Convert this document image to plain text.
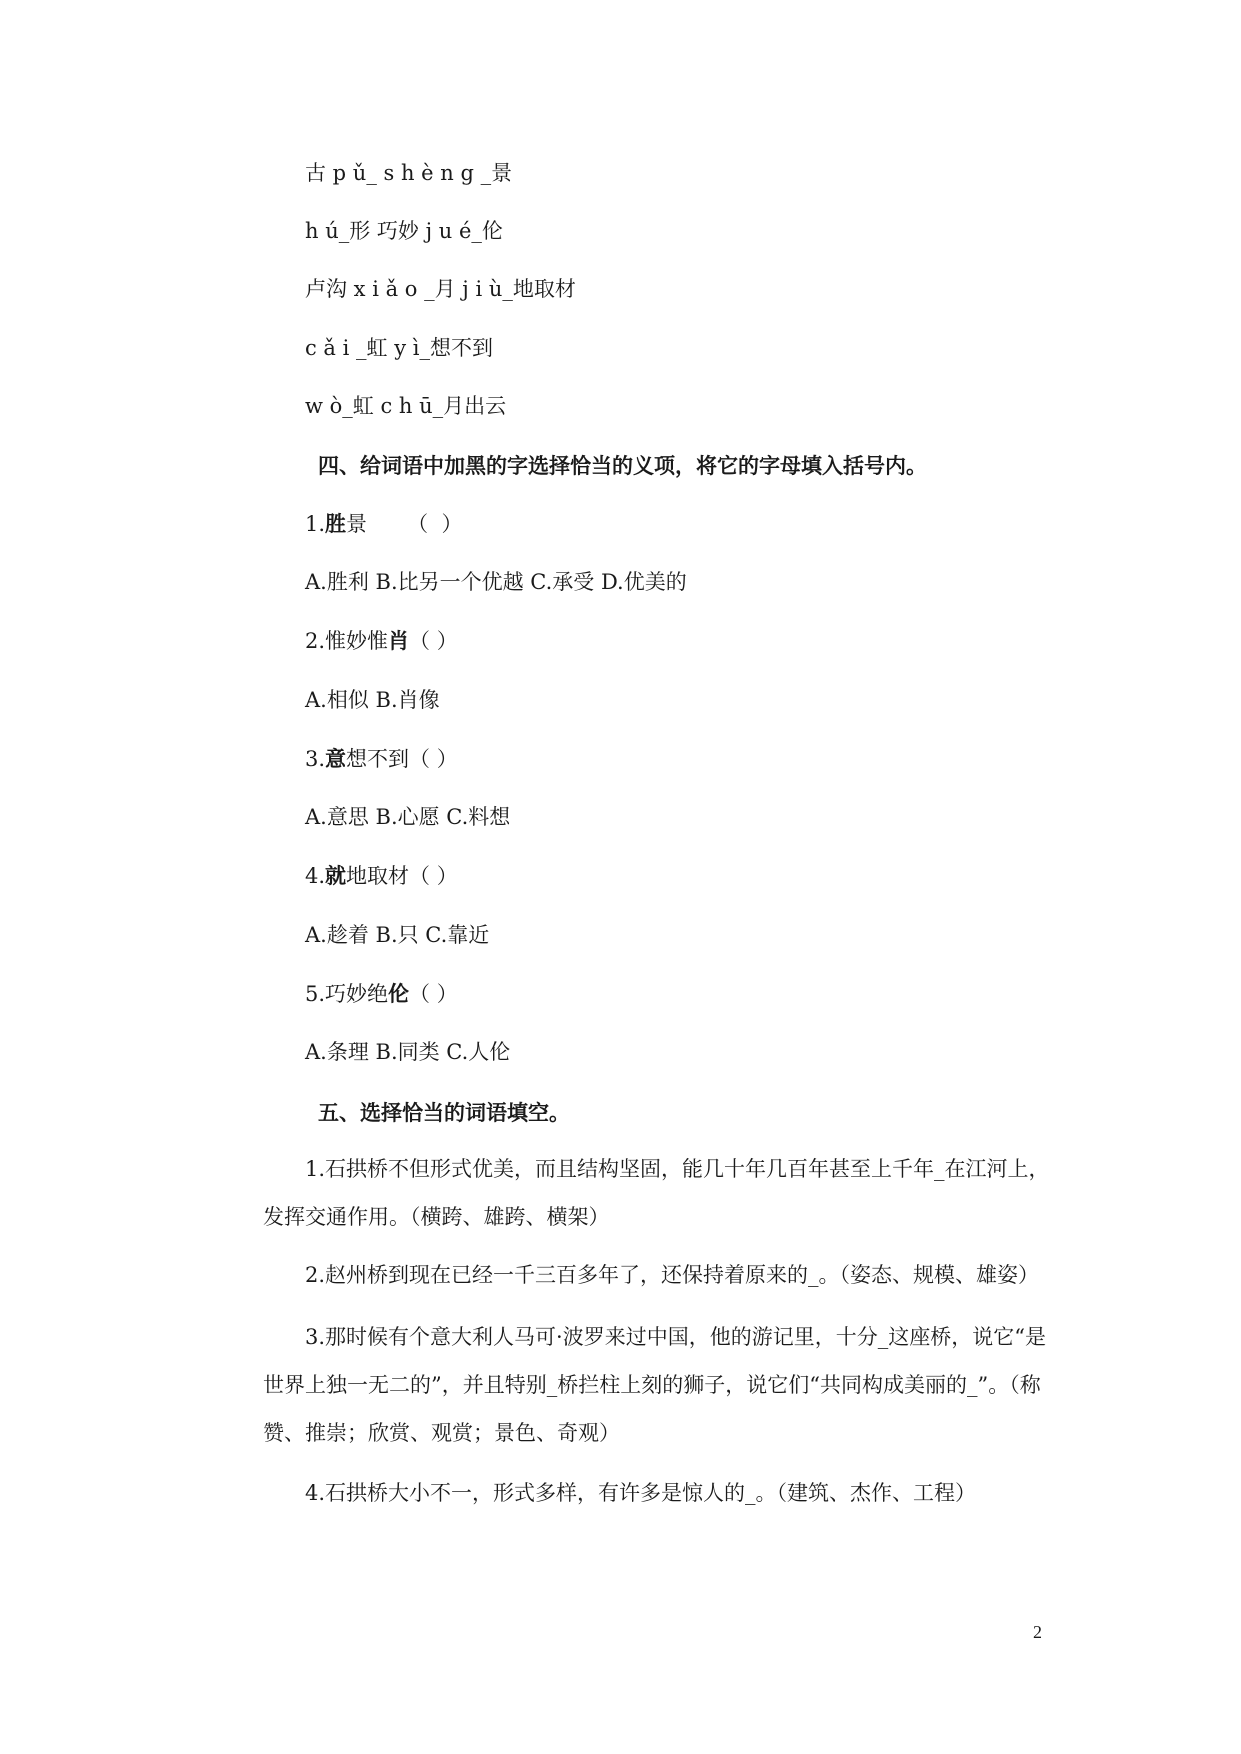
古 p ǔ_ s h è n g _景
h ú_形 巧妙 j u é_伦
卢沟 x i ǎ o _月 j i ù_地取材
c ǎ i _虹 y ì_想不到
w ò_虹 c h ū_月出云
四、给词语中加黑的字选择恰当的义项，将它的字母填入括号内。
1.胜景      （  ）
A.胜利 B.比另一个优越 C.承受 D.优美的
2.惟妙惟肖（ ）
A.相似 B.肖像
3.意想不到（ ）
A.意思 B.心愿 C.料想
4.就地取材（ ）
A.趁着 B.只 C.靠近
5.巧妙绝伦（ ）
A.条理 B.同类 C.人伦
五、选择恰当的词语填空。
1.石拱桥不但形式优美，而且结构坚固，能几十年几百年甚至上千年_在江河上，发挥交通作用。（横跨、雄跨、横架）
2.赵州桥到现在已经一千三百多年了，还保持着原来的_。（姿态、规模、雄姿）
3.那时候有个意大利人马可·波罗来过中国，他的游记里，十分_这座桥，说它“是世界上独一无二的”，并且特别_桥拦柱上刻的狮子，说它们“共同构成美丽的_”。（称赞、推崇；欣赏、观赏；景色、奇观）
4.石拱桥大小不一，形式多样，有许多是惊人的_。（建筑、杰作、工程）
2
